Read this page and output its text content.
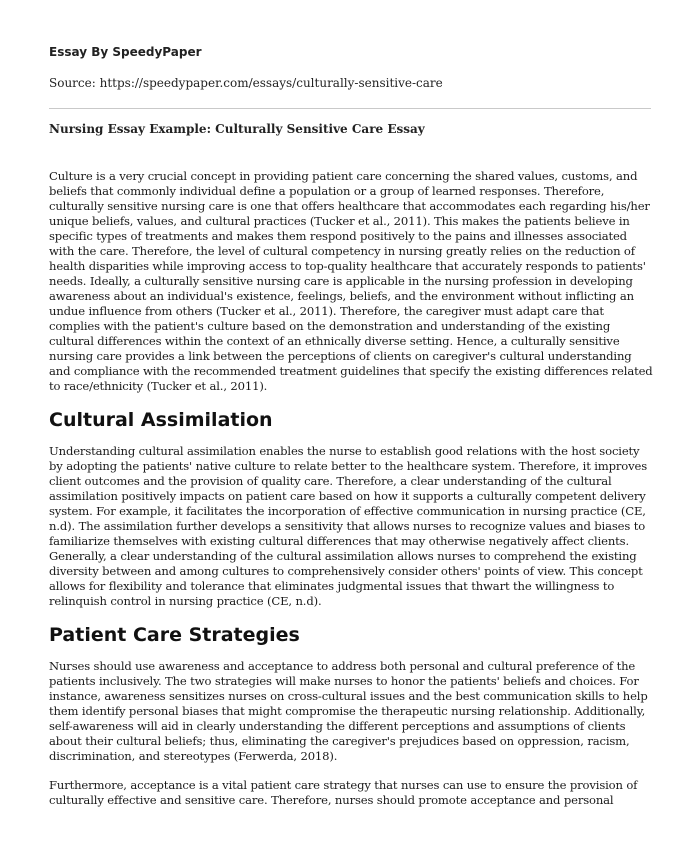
Essay By SpeedyPaper

Source: https://speedypaper.com/essays/culturally-sensitive-care
Nursing Essay Example: Culturally Sensitive Care Essay

Culture is a very crucial concept in providing patient care concerning the shared values, customs, and beliefs that commonly individual define a population or a group of learned responses. Therefore, culturally sensitive nursing care is one that offers healthcare that accommodates each regarding his/her unique beliefs, values, and cultural practices (Tucker et al., 2011). This makes the patients believe in specific types of treatments and makes them respond positively to the pains and illnesses associated with the care. Therefore, the level of cultural competency in nursing greatly relies on the reduction of health disparities while improving access to top-quality healthcare that accurately responds to patients' needs. Ideally, a culturally sensitive nursing care is applicable in the nursing profession in developing awareness about an individual's existence, feelings, beliefs, and the environment without inflicting an undue influence from others (Tucker et al., 2011). Therefore, the caregiver must adapt care that complies with the patient's culture based on the demonstration and understanding of the existing cultural differences within the context of an ethnically diverse setting. Hence, a culturally sensitive nursing care provides a link between the perceptions of clients on caregiver's cultural understanding and compliance with the recommended treatment guidelines that specify the existing differences related to race/ethnicity (Tucker et al., 2011).

Cultural Assimilation

Understanding cultural assimilation enables the nurse to establish good relations with the host society by adopting the patients' native culture to relate better to the healthcare system. Therefore, it improves client outcomes and the provision of quality care. Therefore, a clear understanding of the cultural assimilation positively impacts on patient care based on how it supports a culturally competent delivery system. For example, it facilitates the incorporation of effective communication in nursing practice (CE, n.d). The assimilation further develops a sensitivity that allows nurses to recognize values and biases to familiarize themselves with existing cultural differences that may otherwise negatively affect clients. Generally, a clear understanding of the cultural assimilation allows nurses to comprehend the existing diversity between and among cultures to comprehensively consider others' points of view. This concept allows for flexibility and tolerance that eliminates judgmental issues that thwart the willingness to relinquish control in nursing practice (CE, n.d).

Patient Care Strategies

Nurses should use awareness and acceptance to address both personal and cultural preference of the patients inclusively. The two strategies will make nurses to honor the patients' beliefs and choices. For instance, awareness sensitizes nurses on cross-cultural issues and the best communication skills to help them identify personal biases that might compromise the therapeutic nursing relationship. Additionally, self-awareness will aid in clearly understanding the different perceptions and assumptions of clients about their cultural beliefs; thus, eliminating the caregiver's prejudices based on oppression, racism, discrimination, and stereotypes (Ferwerda, 2018).

Furthermore, acceptance is a vital patient care strategy that nurses can use to ensure the provision of culturally effective and sensitive care. Therefore, nurses should promote acceptance and personal
